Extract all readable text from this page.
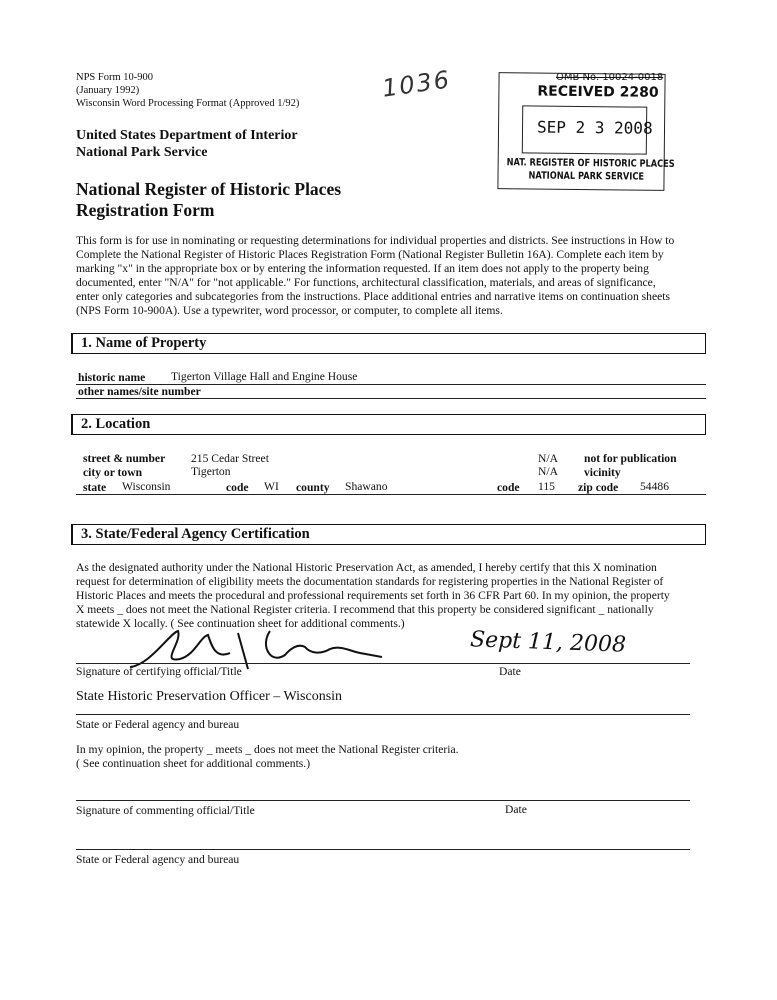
NPS Form 10-900
(January 1992)
Wisconsin Word Processing Format (Approved 1/92)
United States Department of Interior
National Park Service
National Register of Historic Places
Registration Form
1036	OMB No. 10024-0018
RECEIVED 2280
SEP 2 3 2008
NAT. REGISTER OF HISTORIC PLACES
NATIONAL PARK SERVICE
This form is for use in nominating or requesting determinations for individual properties and districts. See instructions in How to
Complete the National Register of Historic Places Registration Form (National Register Bulletin 16A). Complete each item by
marking "x" in the appropriate box or by entering the information requested. If an item does not apply to the property being
documented, enter "N/A" for "not applicable." For functions, architectural classification, materials, and areas of significance,
enter only categories and subcategories from the instructions. Place additional entries and narrative items on continuation sheets
(NPS Form 10-900A). Use a typewriter, word processor, or computer, to complete all items.
1. Name of Property
historic name Tigerton Village Hall and Engine House
other names/site number
2. Location
street & number 215 Cedar Street	N/A not for publication
city or town	Tigerton	N/A vicinity
state Wisconsin	code WI county Shawano	code 115 zip code 54486
3. State/Federal Agency Certification
As the designated authority under the National Historic Preservation Act, as amended, I hereby certify that this X nomination
request for determination of eligibility meets the documentation standards for registering properties in the National Register of
Historic Places and meets the procedural and professional requirements set forth in 36 CFR Part 60. In my opinion, the property
X meets _ does not meet the National Register criteria. I recommend that this property be considered significant _ nationally
statewide X locally. ( See continuation sheet for additional comments.)
Sept 11, 2008
Signature of certifying official/Title	Date
State Historic Preservation Officer – Wisconsin
State or Federal agency and bureau
In my opinion, the property _ meets _ does not meet the National Register criteria.
( See continuation sheet for additional comments.)
Signature of commenting official/Title	Date
State or Federal agency and bureau
